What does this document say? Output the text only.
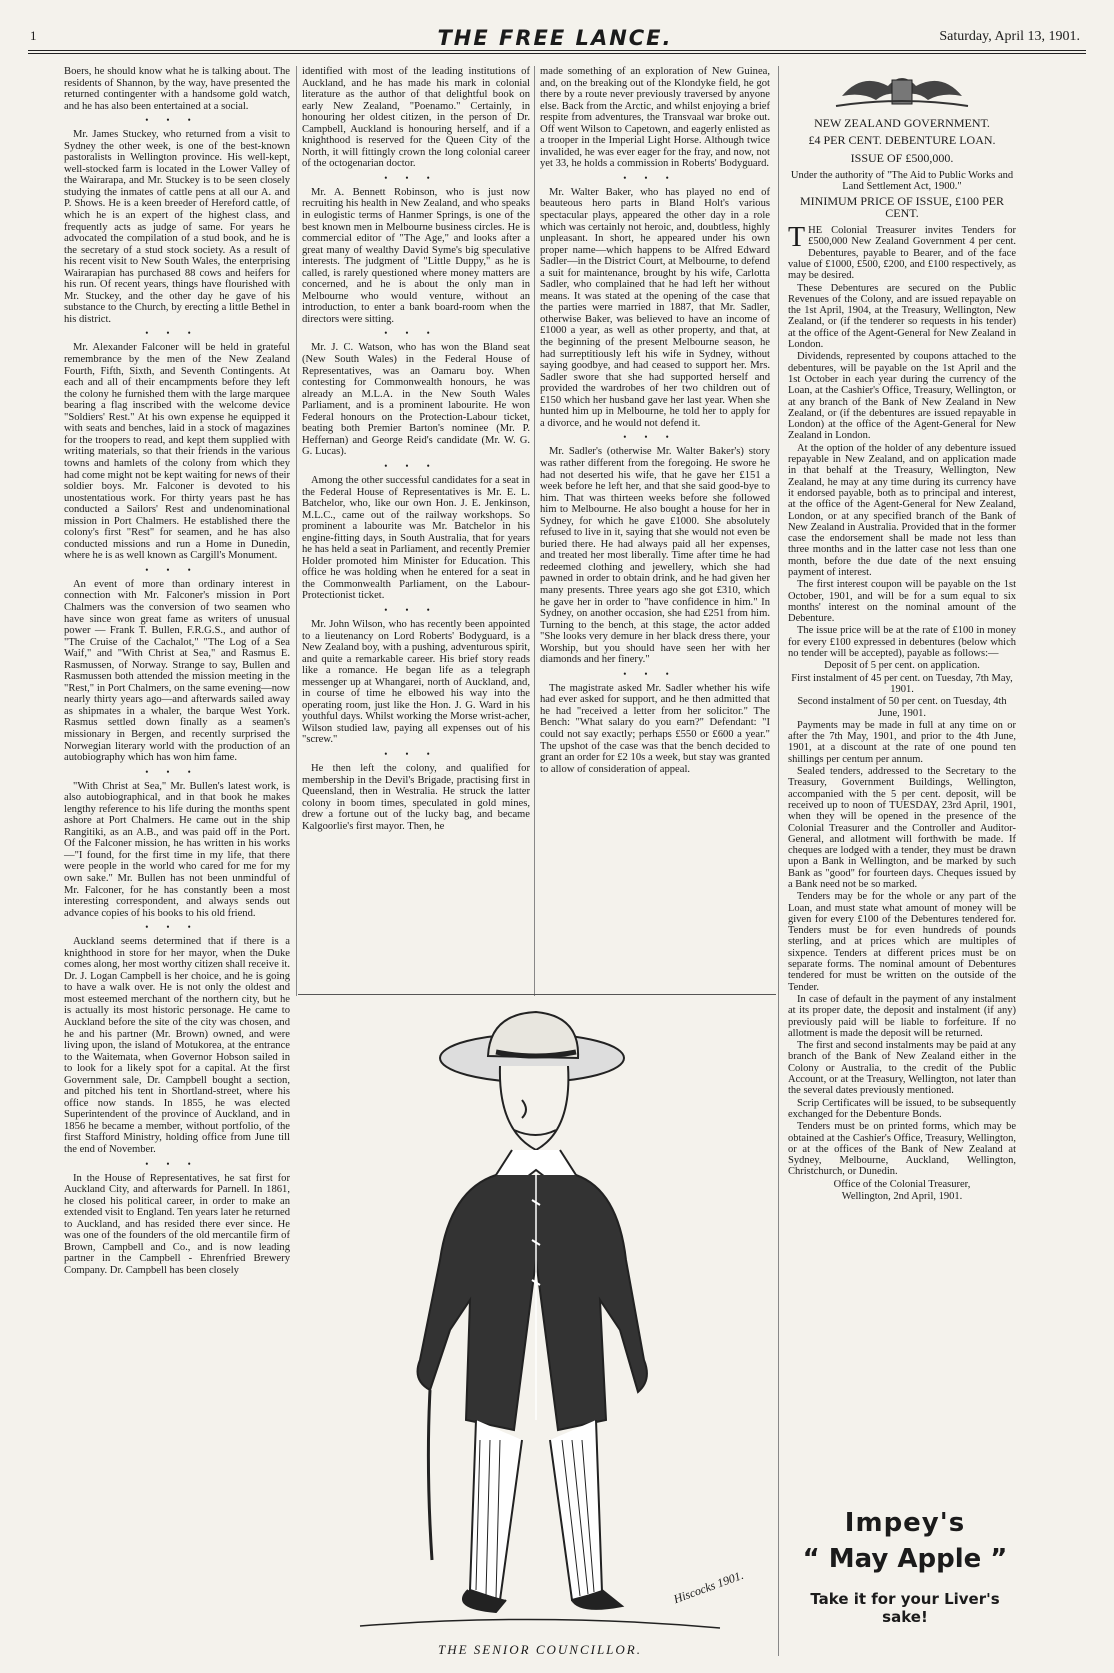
1	THE FREE LANCE.	Saturday, April 13, 1901.

Boers, he should know what he is talking about. The residents of Shannon, by the way, have presented the returned contingenter with a handsome gold watch, and he has also been entertained at a social.

•••

Mr. James Stuckey, who returned from a visit to Sydney the other week, is one of the best-known pastoralists in Wellington province. His well-kept, well-stocked farm is located in the Lower Valley of the Wairarapa, and Mr. Stuckey is to be seen closely studying the inmates of cattle pens at all our A. and P. Shows. He is a keen breeder of Hereford cattle, of which he is an expert of the highest class, and frequently acts as judge of same. For years he advocated the compilation of a stud book, and he is the secretary of a stud stock society. As a result of his recent visit to New South Wales, the enterprising Wairarapian has purchased 88 cows and heifers for his run. Of recent years, things have flourished with Mr. Stuckey, and the other day he gave of his substance to the Church, by erecting a little Bethel in his district.

•••

Mr. Alexander Falconer will be held in grateful remembrance by the men of the New Zealand Fourth, Fifth, Sixth, and Seventh Contingents. At each and all of their encampments before they left the colony he furnished them with the large marquee bearing a flag inscribed with the welcome device "Soldiers' Rest." At his own expense he equipped it with seats and benches, laid in a stock of magazines for the troopers to read, and kept them supplied with writing materials, so that their friends in the various towns and hamlets of the colony from which they had come might not be kept waiting for news of their soldier boys. Mr. Falconer is devoted to his unostentatious work. For thirty years past he has conducted a Sailors' Rest and undenominational mission in Port Chalmers. He established there the colony's first "Rest" for seamen, and he has also conducted missions and run a Home in Dunedin, where he is as well known as Cargill's Monument.

•••

An event of more than ordinary interest in connection with Mr. Falconer's mission in Port Chalmers was the conversion of two seamen who have since won great fame as writers of unusual power — Frank T. Bullen, F.R.G.S., and author of "The Cruise of the Cachalot," "The Log of a Sea Waif," and "With Christ at Sea," and Rasmus E. Rasmussen, of Norway. Strange to say, Bullen and Rasmussen both attended the mission meeting in the "Rest," in Port Chalmers, on the same evening—now nearly thirty years ago—and afterwards sailed away as shipmates in a whaler, the barque West York. Rasmus settled down finally as a seamen's missionary in Bergen, and recently surprised the Norwegian literary world with the production of an autobiography which has won him fame.

•••

"With Christ at Sea," Mr. Bullen's latest work, is also autobiographical, and in that book he makes lengthy reference to his life during the months spent ashore at Port Chalmers. He came out in the ship Rangitiki, as an A.B., and was paid off in the Port. Of the Falconer mission, he has written in his works—"I found, for the first time in my life, that there were people in the world who cared for me for my own sake." Mr. Bullen has not been unmindful of Mr. Falconer, for he has constantly been a most interesting correspondent, and always sends out advance copies of his books to his old friend.

•••

Auckland seems determined that if there is a knighthood in store for her mayor, when the Duke comes along, her most worthy citizen shall receive it. Dr. J. Logan Campbell is her choice, and he is going to have a walk over. He is not only the oldest and most esteemed merchant of the northern city, but he is actually its most historic personage. He came to Auckland before the site of the city was chosen, and he and his partner (Mr. Brown) owned, and were living upon, the island of Motukorea, at the entrance to the Waitemata, when Governor Hobson sailed in to look for a likely spot for a capital. At the first Government sale, Dr. Campbell bought a section, and pitched his tent in Shortland-street, where his office now stands. In 1855, he was elected Superintendent of the province of Auckland, and in 1856 he became a member, without portfolio, of the first Stafford Ministry, holding office from June till the end of November.

•••

In the House of Representatives, he sat first for Auckland City, and afterwards for Parnell. In 1861, he closed his political career, in order to make an extended visit to England. Ten years later he returned to Auckland, and has resided there ever since. He was one of the founders of the old mercantile firm of Brown, Campbell and Co., and is now leading partner in the Campbell - Ehrenfried Brewery Company. Dr. Campbell has been closely

identified with most of the leading institutions of Auckland, and he has made his mark in colonial literature as the author of that delightful book on early New Zealand, "Poenamo." Certainly, in honouring her oldest citizen, in the person of Dr. Campbell, Auckland is honouring herself, and if a knighthood is reserved for the Queen City of the North, it will fittingly crown the long colonial career of the octogenarian doctor.

•••

Mr. A. Bennett Robinson, who is just now recruiting his health in New Zealand, and who speaks in eulogistic terms of Hanmer Springs, is one of the best known men in Melbourne business circles. He is commercial editor of "The Age," and looks after a great many of wealthy David Syme's big speculative interests. The judgment of "Little Duppy," as he is called, is rarely questioned where money matters are concerned, and he is about the only man in Melbourne who would venture, without an introduction, to enter a bank board-room when the directors were sitting.

•••

Mr. J. C. Watson, who has won the Bland seat (New South Wales) in the Federal House of Representatives, was an Oamaru boy. When contesting for Commonwealth honours, he was already an M.L.A. in the New South Wales Parliament, and is a prominent labourite. He won Federal honours on the Protection-Labour ticket, beating both Premier Barton's nominee (Mr. P. Heffernan) and George Reid's candidate (Mr. W. G. G. Lucas).

•••

Among the other successful candidates for a seat in the Federal House of Representatives is Mr. E. L. Batchelor, who, like our own Hon. J. E. Jenkinson, M.L.C., came out of the railway workshops. So prominent a labourite was Mr. Batchelor in his engine-fitting days, in South Australia, that for years he has held a seat in Parliament, and recently Premier Holder promoted him Minister for Education. This office he was holding when he entered for a seat in the Commonwealth Parliament, on the Labour-Protectionist ticket.

•••

Mr. John Wilson, who has recently been appointed to a lieutenancy on Lord Roberts' Bodyguard, is a New Zealand boy, with a pushing, adventurous spirit, and quite a remarkable career. His brief story reads like a romance. He began life as a telegraph messenger up at Whangarei, north of Auckland, and, in course of time he elbowed his way into the operating room, just like the Hon. J. G. Ward in his youthful days. Whilst working the Morse wrist-acher, Wilson studied law, paying all expenses out of his "screw."

•••

He then left the colony, and qualified for membership in the Devil's Brigade, practising first in Queensland, then in Westralia. He struck the latter colony in boom times, speculated in gold mines, drew a fortune out of the lucky bag, and became Kalgoorlie's first mayor. Then, he

made something of an exploration of New Guinea, and, on the breaking out of the Klondyke field, he got there by a route never previously traversed by anyone else. Back from the Arctic, and whilst enjoying a brief respite from adventures, the Transvaal war broke out. Off went Wilson to Capetown, and eagerly enlisted as a trooper in the Imperial Light Horse. Although twice invalided, he was ever eager for the fray, and now, not yet 33, he holds a commission in Roberts' Bodyguard.

•••

Mr. Walter Baker, who has played no end of beauteous hero parts in Bland Holt's various spectacular plays, appeared the other day in a role which was certainly not heroic, and, doubtless, highly unpleasant. In short, he appeared under his own proper name—which happens to be Alfred Edward Sadler—in the District Court, at Melbourne, to defend a suit for maintenance, brought by his wife, Carlotta Sadler, who complained that he had left her without means. It was stated at the opening of the case that the parties were married in 1887, that Mr. Sadler, otherwise Baker, was believed to have an income of £1000 a year, as well as other property, and that, at the beginning of the present Melbourne season, he had surreptitiously left his wife in Sydney, without saying goodbye, and had ceased to support her. Mrs. Sadler swore that she had supported herself and provided the wardrobes of her two children out of £150 which her husband gave her last year. When she hunted him up in Melbourne, he told her to apply for a divorce, and he would not defend it.

•••

Mr. Sadler's (otherwise Mr. Walter Baker's) story was rather different from the foregoing. He swore he had not deserted his wife, that he gave her £151 a week before he left her, and that she said good-bye to him. That was thirteen weeks before she followed him to Melbourne. He also bought a house for her in Sydney, for which he gave £1000. She absolutely refused to live in it, saying that she would not even be buried there. He had always paid all her expenses, and treated her most liberally. Time after time he had redeemed clothing and jewellery, which she had pawned in order to obtain drink, and he had given her many presents. Three years ago she got £310, which he gave her in order to "have confidence in him." In Sydney, on another occasion, she had £251 from him. Turning to the bench, at this stage, the actor added "She looks very demure in her black dress there, your Worship, but you should have seen her with her diamonds and her finery."

•••

The magistrate asked Mr. Sadler whether his wife had ever asked for support, and he then admitted that he had "received a letter from her solicitor." The Bench: "What salary do you earn?" Defendant: "I could not say exactly; perhaps £550 or £600 a year." The upshot of the case was that the bench decided to grant an order for £2 10s a week, but stay was granted to allow of consideration of appeal.

NEW ZEALAND GOVERNMENT.
£4 PER CENT. DEBENTURE LOAN.
ISSUE OF £500,000.

Under the authority of "The Aid to Public Works and Land Settlement Act, 1900."

MINIMUM PRICE OF ISSUE, £100 PER CENT.

THE Colonial Treasurer invites Tenders for £500,000 New Zealand Government 4 per cent. Debentures, payable to Bearer, and of the face value of £1000, £500, £200, and £100 respectively, as may be desired.

These Debentures are secured on the Public Revenues of the Colony, and are issued repayable on the 1st April, 1904, at the Treasury, Wellington, New Zealand, or (if the tenderer so requests in his tender) at the office of the Agent-General for New Zealand in London.

Dividends, represented by coupons attached to the debentures, will be payable on the 1st April and the 1st October in each year during the currency of the Loan, at the Cashier's Office, Treasury, Wellington, or at any branch of the Bank of New Zealand in New Zealand, or (if the debentures are issued repayable in London) at the office of the Agent-General for New Zealand in London.

At the option of the holder of any debenture issued repayable in New Zealand, and on application made in that behalf at the Treasury, Wellington, New Zealand, he may at any time during its currency have it endorsed payable, both as to principal and interest, at the office of the Agent-General for New Zealand, London, or at any specified branch of the Bank of New Zealand in Australia. Provided that in the former case the endorsement shall be made not less than three months and in the latter case not less than one month, before the due date of the next ensuing payment of interest.

The first interest coupon will be payable on the 1st October, 1901, and will be for a sum equal to six months' interest on the nominal amount of the Debenture.

The issue price will be at the rate of £100 in money for every £100 expressed in debentures (below which no tender will be accepted), payable as follows:—

Deposit of 5 per cent. on application.

First instalment of 45 per cent. on Tuesday, 7th May, 1901.

Second instalment of 50 per cent. on Tuesday, 4th June, 1901.

Payments may be made in full at any time on or after the 7th May, 1901, and prior to the 4th June, 1901, at a discount at the rate of one pound ten shillings per centum per annum.

Sealed tenders, addressed to the Secretary to the Treasury, Government Buildings, Wellington, accompanied with the 5 per cent. deposit, will be received up to noon of TUESDAY, 23rd April, 1901, when they will be opened in the presence of the Colonial Treasurer and the Controller and Auditor-General, and allotment will forthwith be made. If cheques are lodged with a tender, they must be drawn upon a Bank in Wellington, and be marked by such Bank as "good" for fourteen days. Cheques issued by a Bank need not be so marked.

Tenders may be for the whole or any part of the Loan, and must state what amount of money will be given for every £100 of the Debentures tendered for. Tenders must be for even hundreds of pounds sterling, and at prices which are multiples of sixpence. Tenders at different prices must be on separate forms. The nominal amount of Debentures tendered for must be written on the outside of the Tender.

In case of default in the payment of any instalment at its proper date, the deposit and instalment (if any) previously paid will be liable to forfeiture. If no allotment is made the deposit will be returned.

The first and second instalments may be paid at any branch of the Bank of New Zealand either in the Colony or Australia, to the credit of the Public Account, or at the Treasury, Wellington, not later than the several dates previously mentioned.

Scrip Certificates will be issued, to be subsequently exchanged for the Debenture Bonds.

Tenders must be on printed forms, which may be obtained at the Cashier's Office, Treasury, Wellington, or at the offices of the Bank of New Zealand at Sydney, Melbourne, Auckland, Wellington, Christchurch, or Dunedin.

Office of the Colonial Treasurer,

Wellington, 2nd April, 1901.

Hiscocks 1901.
THE SENIOR COUNCILLOR.
Impey's
“ May Apple ”
Take it for your Liver's sake!
